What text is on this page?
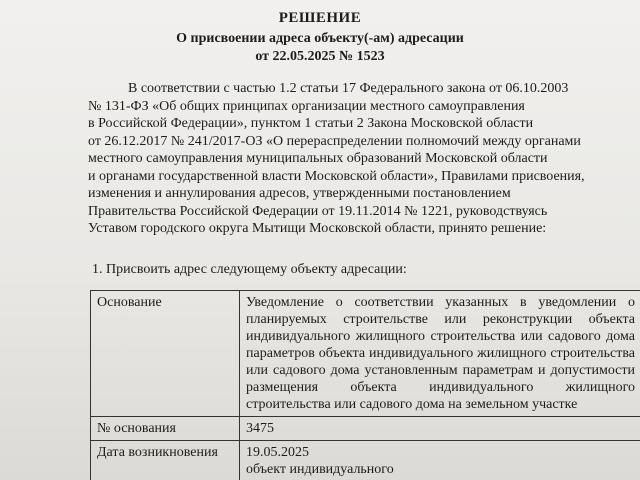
РЕШЕНИЕ
О присвоении адреса объекту(-ам) адресации
от 22.05.2025 № 1523
В соответствии с частью 1.2 статьи 17 Федерального закона от 06.10.2003
№ 131-ФЗ «Об общих принципах организации местного самоуправления
в Российской Федерации», пунктом 1 статьи 2 Закона Московской области
от 26.12.2017 № 241/2017-ОЗ «О перераспределении полномочий между органами
местного самоуправления муниципальных образований Московской области
и органами государственной власти Московской области», Правилами присвоения,
изменения и аннулирования адресов, утвержденными постановлением
Правительства Российской Федерации от 19.11.2014 № 1221, руководствуясь
Уставом городского округа Мытищи Московской области, принято решение:
1. Присвоить адрес следующему объекту адресации:
Основание	Уведомление о соответствии указанных в уведомлении о планируемых строительстве или реконструкции объекта индивидуального жилищного строительства или садового дома параметров объекта индивидуального жилищного строительства или садового дома установленным параметрам и допустимости размещения объекта индивидуального жилищного строительства или садового дома на земельном участке
№ основания	3475
Дата возникновения	19.05.2025
объект индивидуального
